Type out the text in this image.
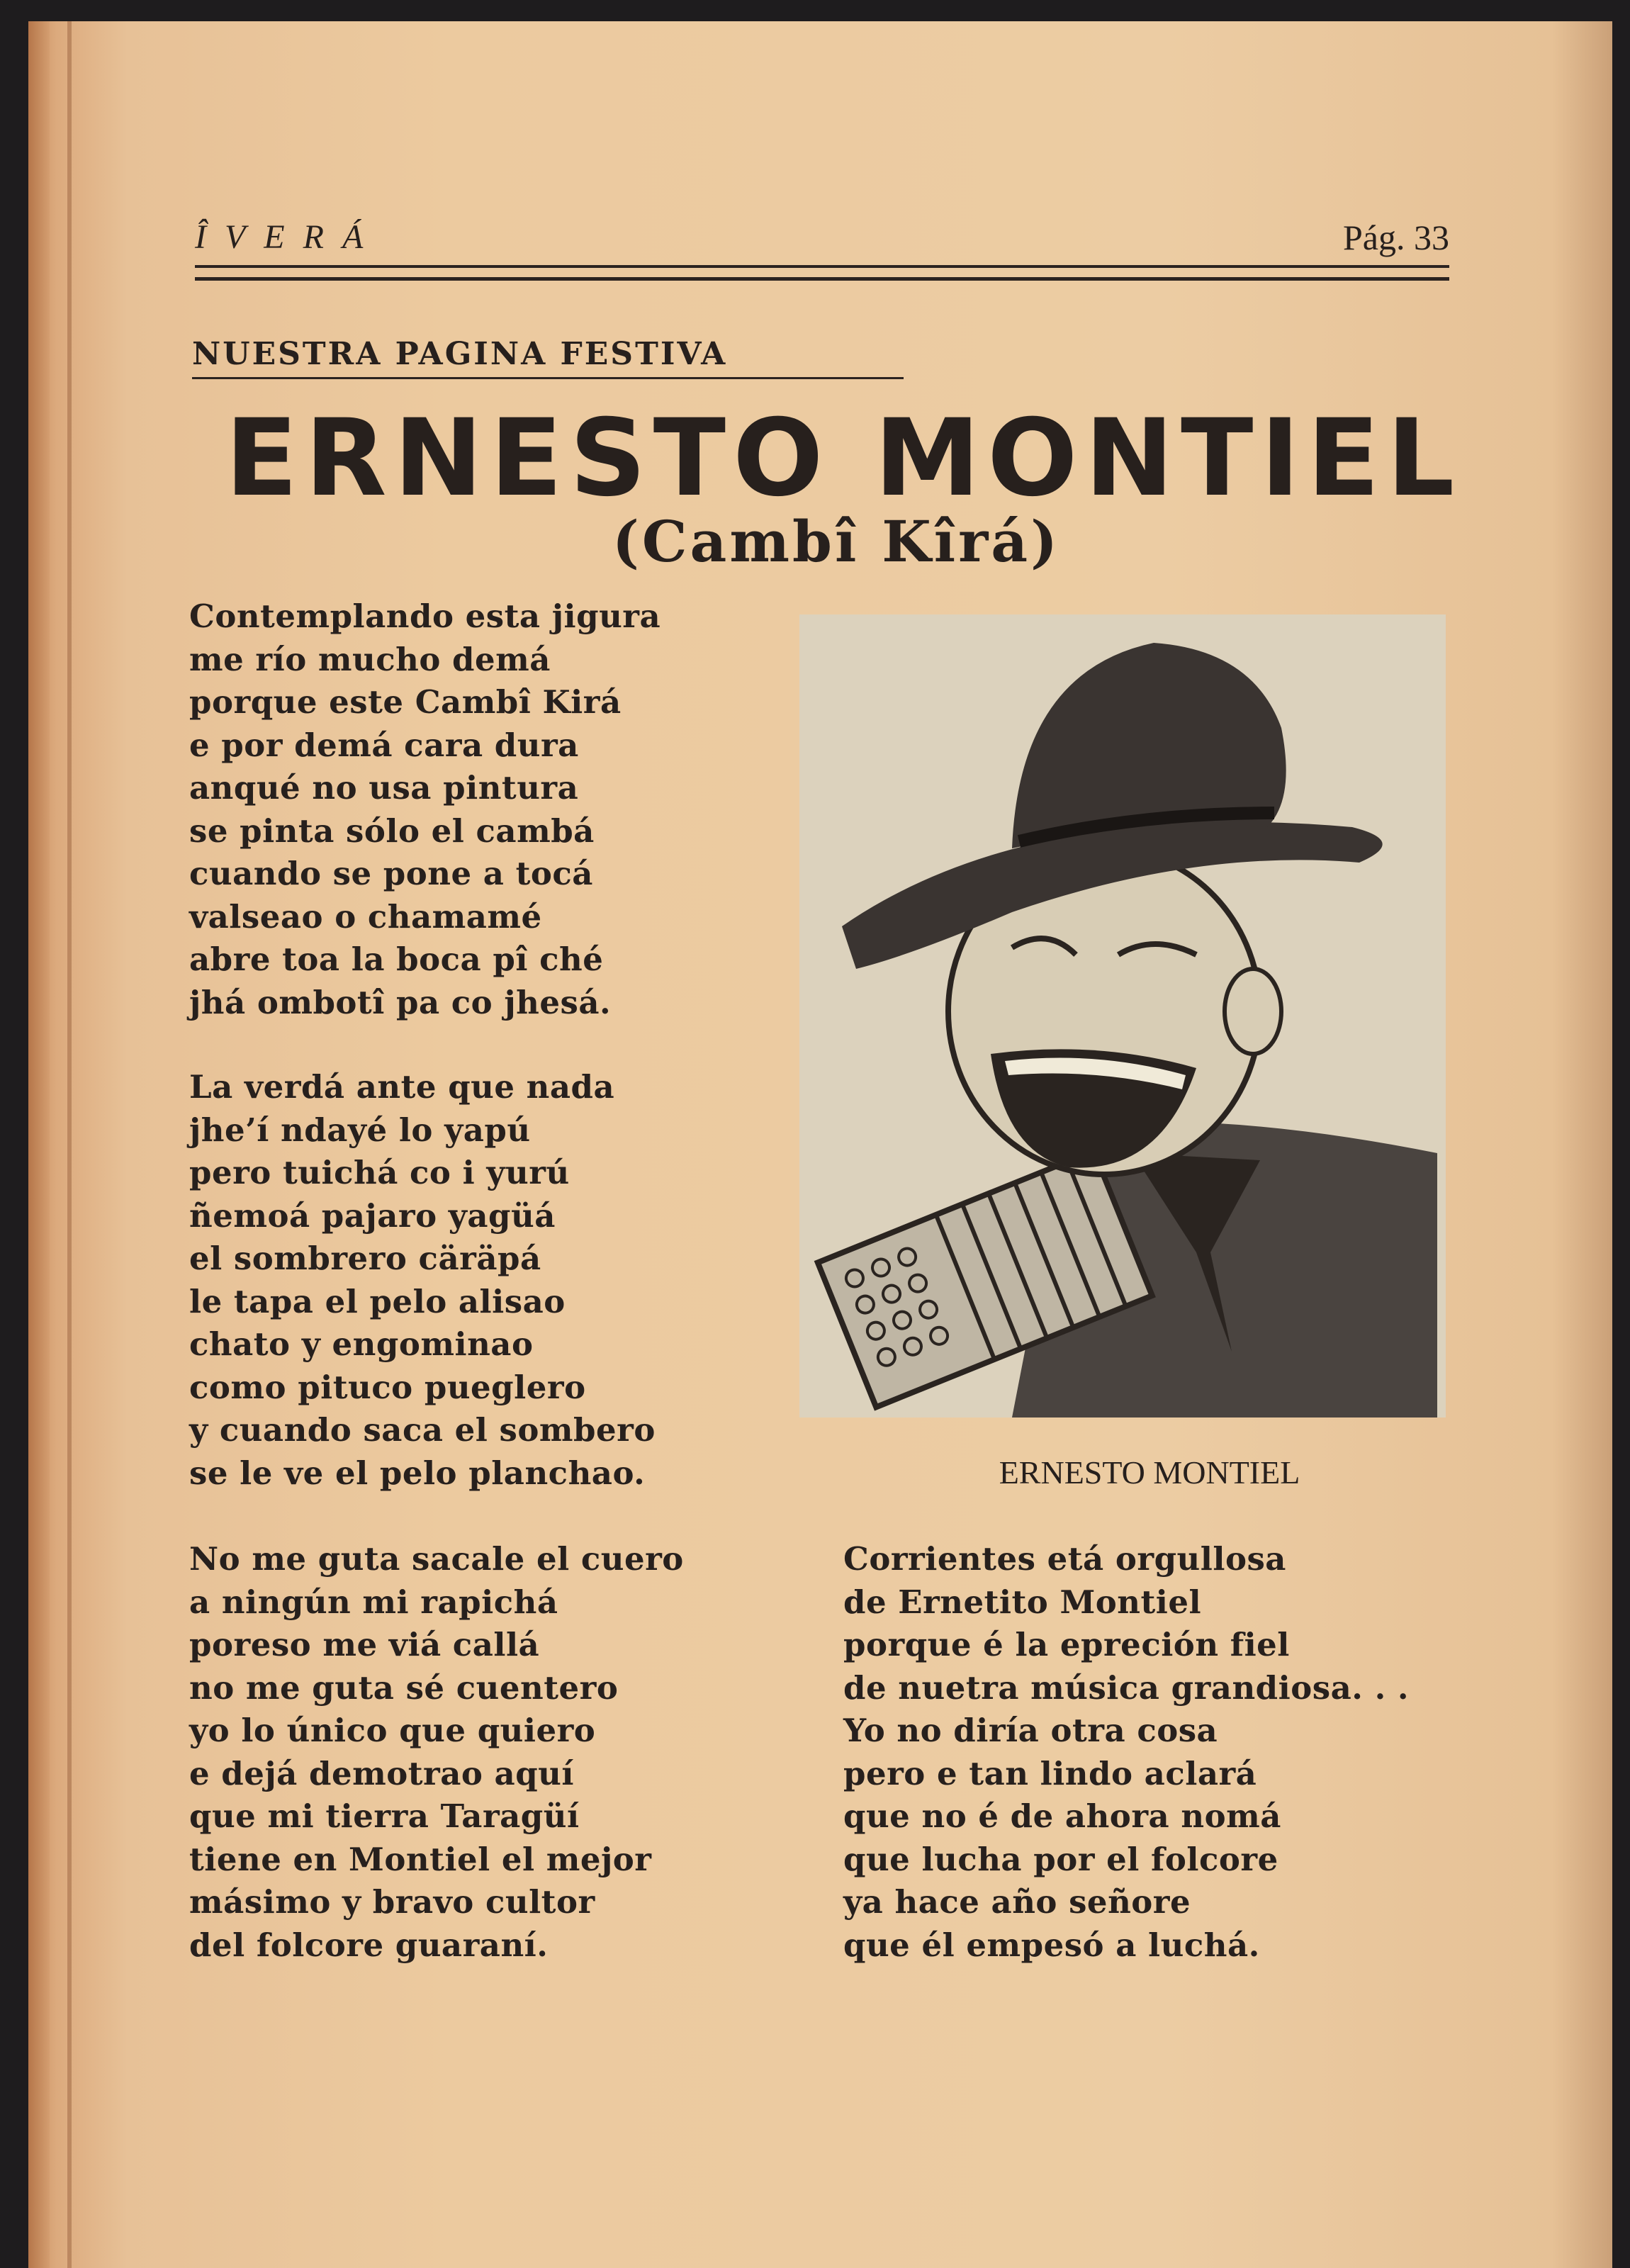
ÎVERÁ	Pág. 33
NUESTRA PAGINA FESTIVA
ERNESTO MONTIEL
(Cambî Kîrá)
Contemplando esta jigura
me río mucho demá
porque este Cambî Kirá
e por demá cara dura
anqué no usa pintura
se pinta sólo el cambá
cuando se pone a tocá
valseao o chamamé
abre toa la boca pî ché
jhá ombotî pa co jhesá.
La verdá ante que nada
jhe’í ndayé lo yapú
pero tuichá co i yurú
ñemoá pajaro yagüá
el sombrero cäräpá
le tapa el pelo alisao
chato y engominao
como pituco pueglero
y cuando saca el sombero
se le ve el pelo planchao.
No me guta sacale el cuero
a ningún mi rapichá
poreso me viá callá
no me guta sé cuentero
yo lo único que quiero
e dejá demotrao aquí
que mi tierra Taragüí
tiene en Montiel el mejor
másimo y bravo cultor
del folcore guaraní.
Corrientes etá orgullosa
de Ernetito Montiel
porque é la epreción fiel
de nuetra música grandiosa. . .
Yo no diría otra cosa
pero e tan lindo aclará
que no é de ahora nomá
que lucha por el folcore
ya hace año señore
que él empesó a luchá.
ERNESTO MONTIEL
